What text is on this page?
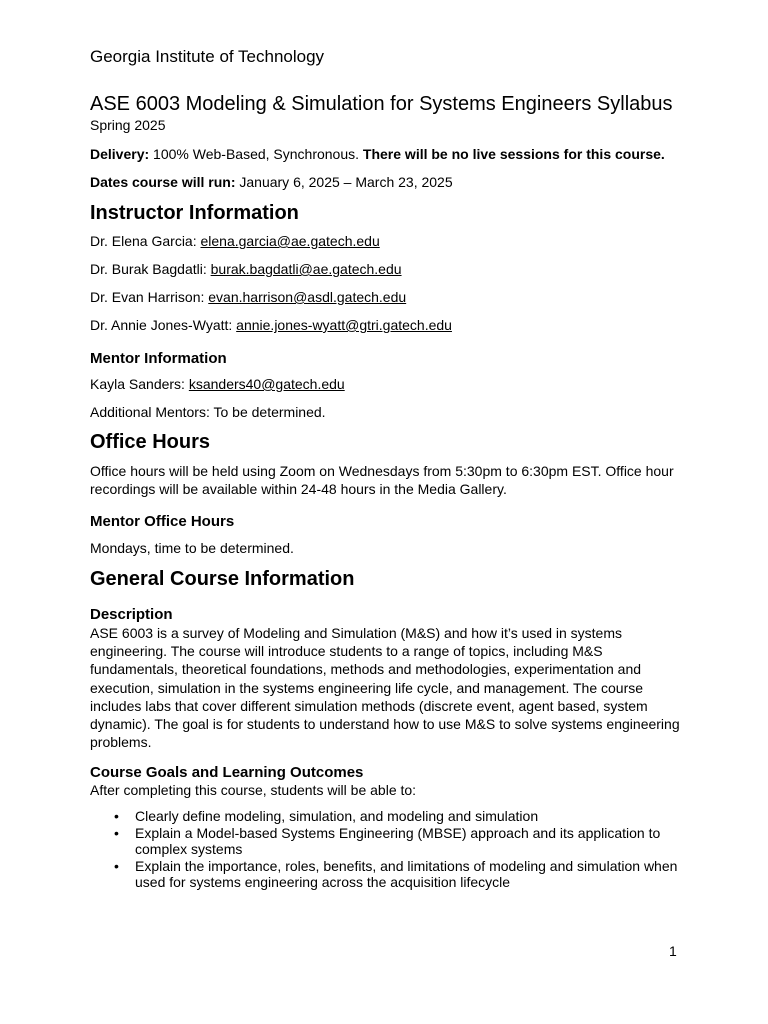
Georgia Institute of Technology
ASE 6003 Modeling & Simulation for Systems Engineers Syllabus
Spring 2025
Delivery: 100% Web-Based, Synchronous. There will be no live sessions for this course.
Dates course will run: January 6, 2025 – March 23, 2025
Instructor Information
Dr. Elena Garcia: elena.garcia@ae.gatech.edu
Dr. Burak Bagdatli: burak.bagdatli@ae.gatech.edu
Dr. Evan Harrison: evan.harrison@asdl.gatech.edu
Dr. Annie Jones-Wyatt: annie.jones-wyatt@gtri.gatech.edu
Mentor Information
Kayla Sanders: ksanders40@gatech.edu
Additional Mentors: To be determined.
Office Hours
Office hours will be held using Zoom on Wednesdays from 5:30pm to 6:30pm EST. Office hour recordings will be available within 24-48 hours in the Media Gallery.
Mentor Office Hours
Mondays, time to be determined.
General Course Information
Description
ASE 6003 is a survey of Modeling and Simulation (M&S) and how it’s used in systems engineering. The course will introduce students to a range of topics, including M&S fundamentals, theoretical foundations, methods and methodologies, experimentation and execution, simulation in the systems engineering life cycle, and management. The course includes labs that cover different simulation methods (discrete event, agent based, system dynamic). The goal is for students to understand how to use M&S to solve systems engineering problems.
Course Goals and Learning Outcomes
After completing this course, students will be able to:
• Clearly define modeling, simulation, and modeling and simulation
• Explain a Model-based Systems Engineering (MBSE) approach and its application to complex systems
• Explain the importance, roles, benefits, and limitations of modeling and simulation when used for systems engineering across the acquisition lifecycle
1
